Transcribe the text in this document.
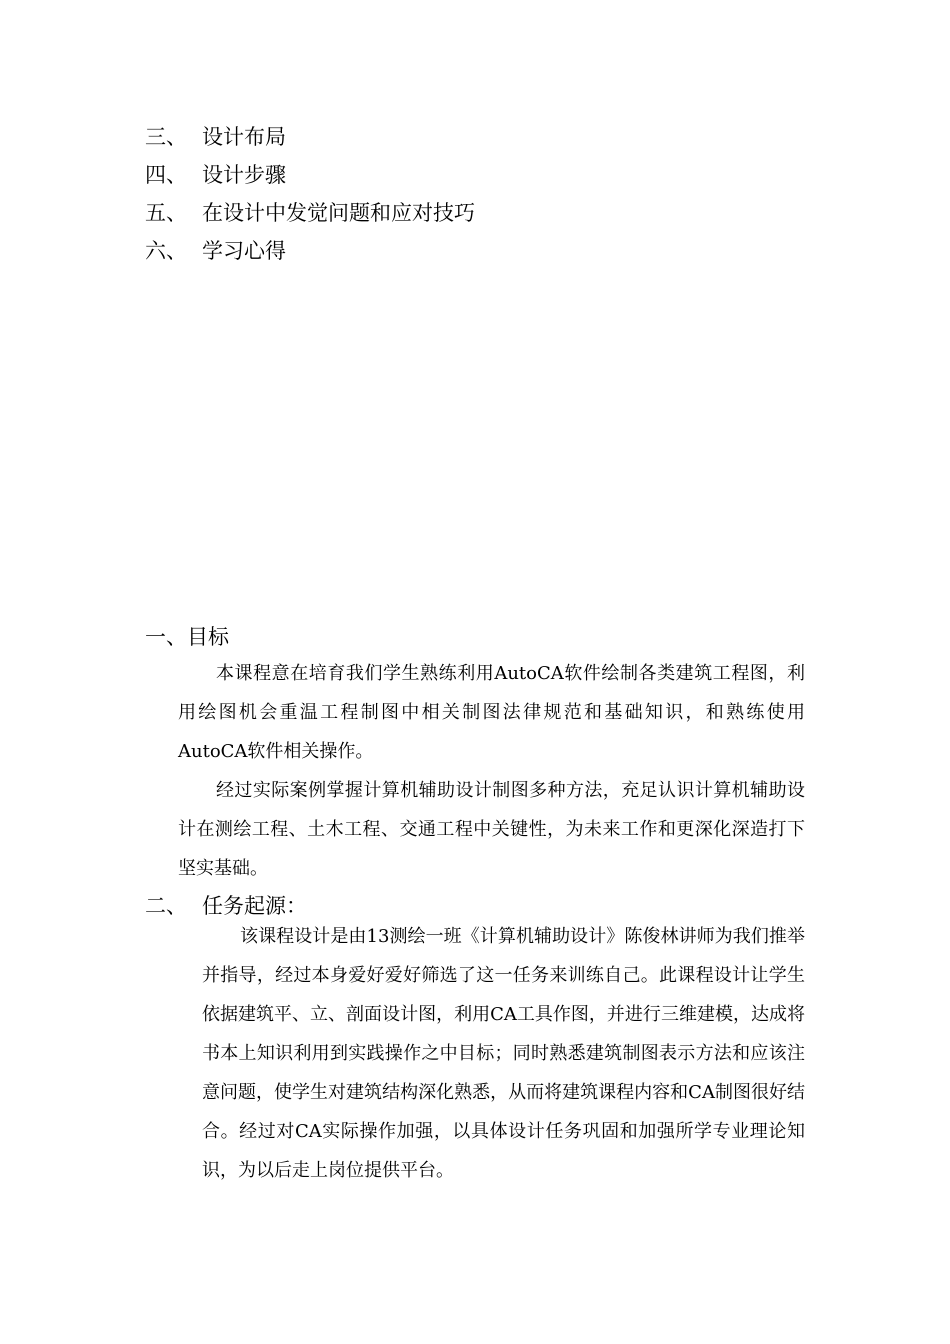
三、 设计布局
四、 设计步骤
五、 在设计中发觉问题和应对技巧
六、 学习心得
一、目标

本课程意在培育我们学生熟练利用AutoCA软件绘制各类建筑工程图，利用绘图机会重温工程制图中相关制图法律规范和基础知识，和熟练使用AutoCA软件相关操作。

经过实际案例掌握计算机辅助设计制图多种方法，充足认识计算机辅助设计在测绘工程、土木工程、交通工程中关键性，为未来工作和更深化深造打下坚实基础。

二、 任务起源：

该课程设计是由13测绘一班《计算机辅助设计》陈俊林讲师为我们推举并指导，经过本身爱好爱好筛选了这一任务来训练自己。此课程设计让学生依据建筑平、立、剖面设计图，利用CA工具作图，并进行三维建模，达成将书本上知识利用到实践操作之中目标；同时熟悉建筑制图表示方法和应该注意问题，使学生对建筑结构深化熟悉，从而将建筑课程内容和CA制图很好结合。经过对CA实际操作加强，以具体设计任务巩固和加强所学专业理论知识，为以后走上岗位提供平台。
